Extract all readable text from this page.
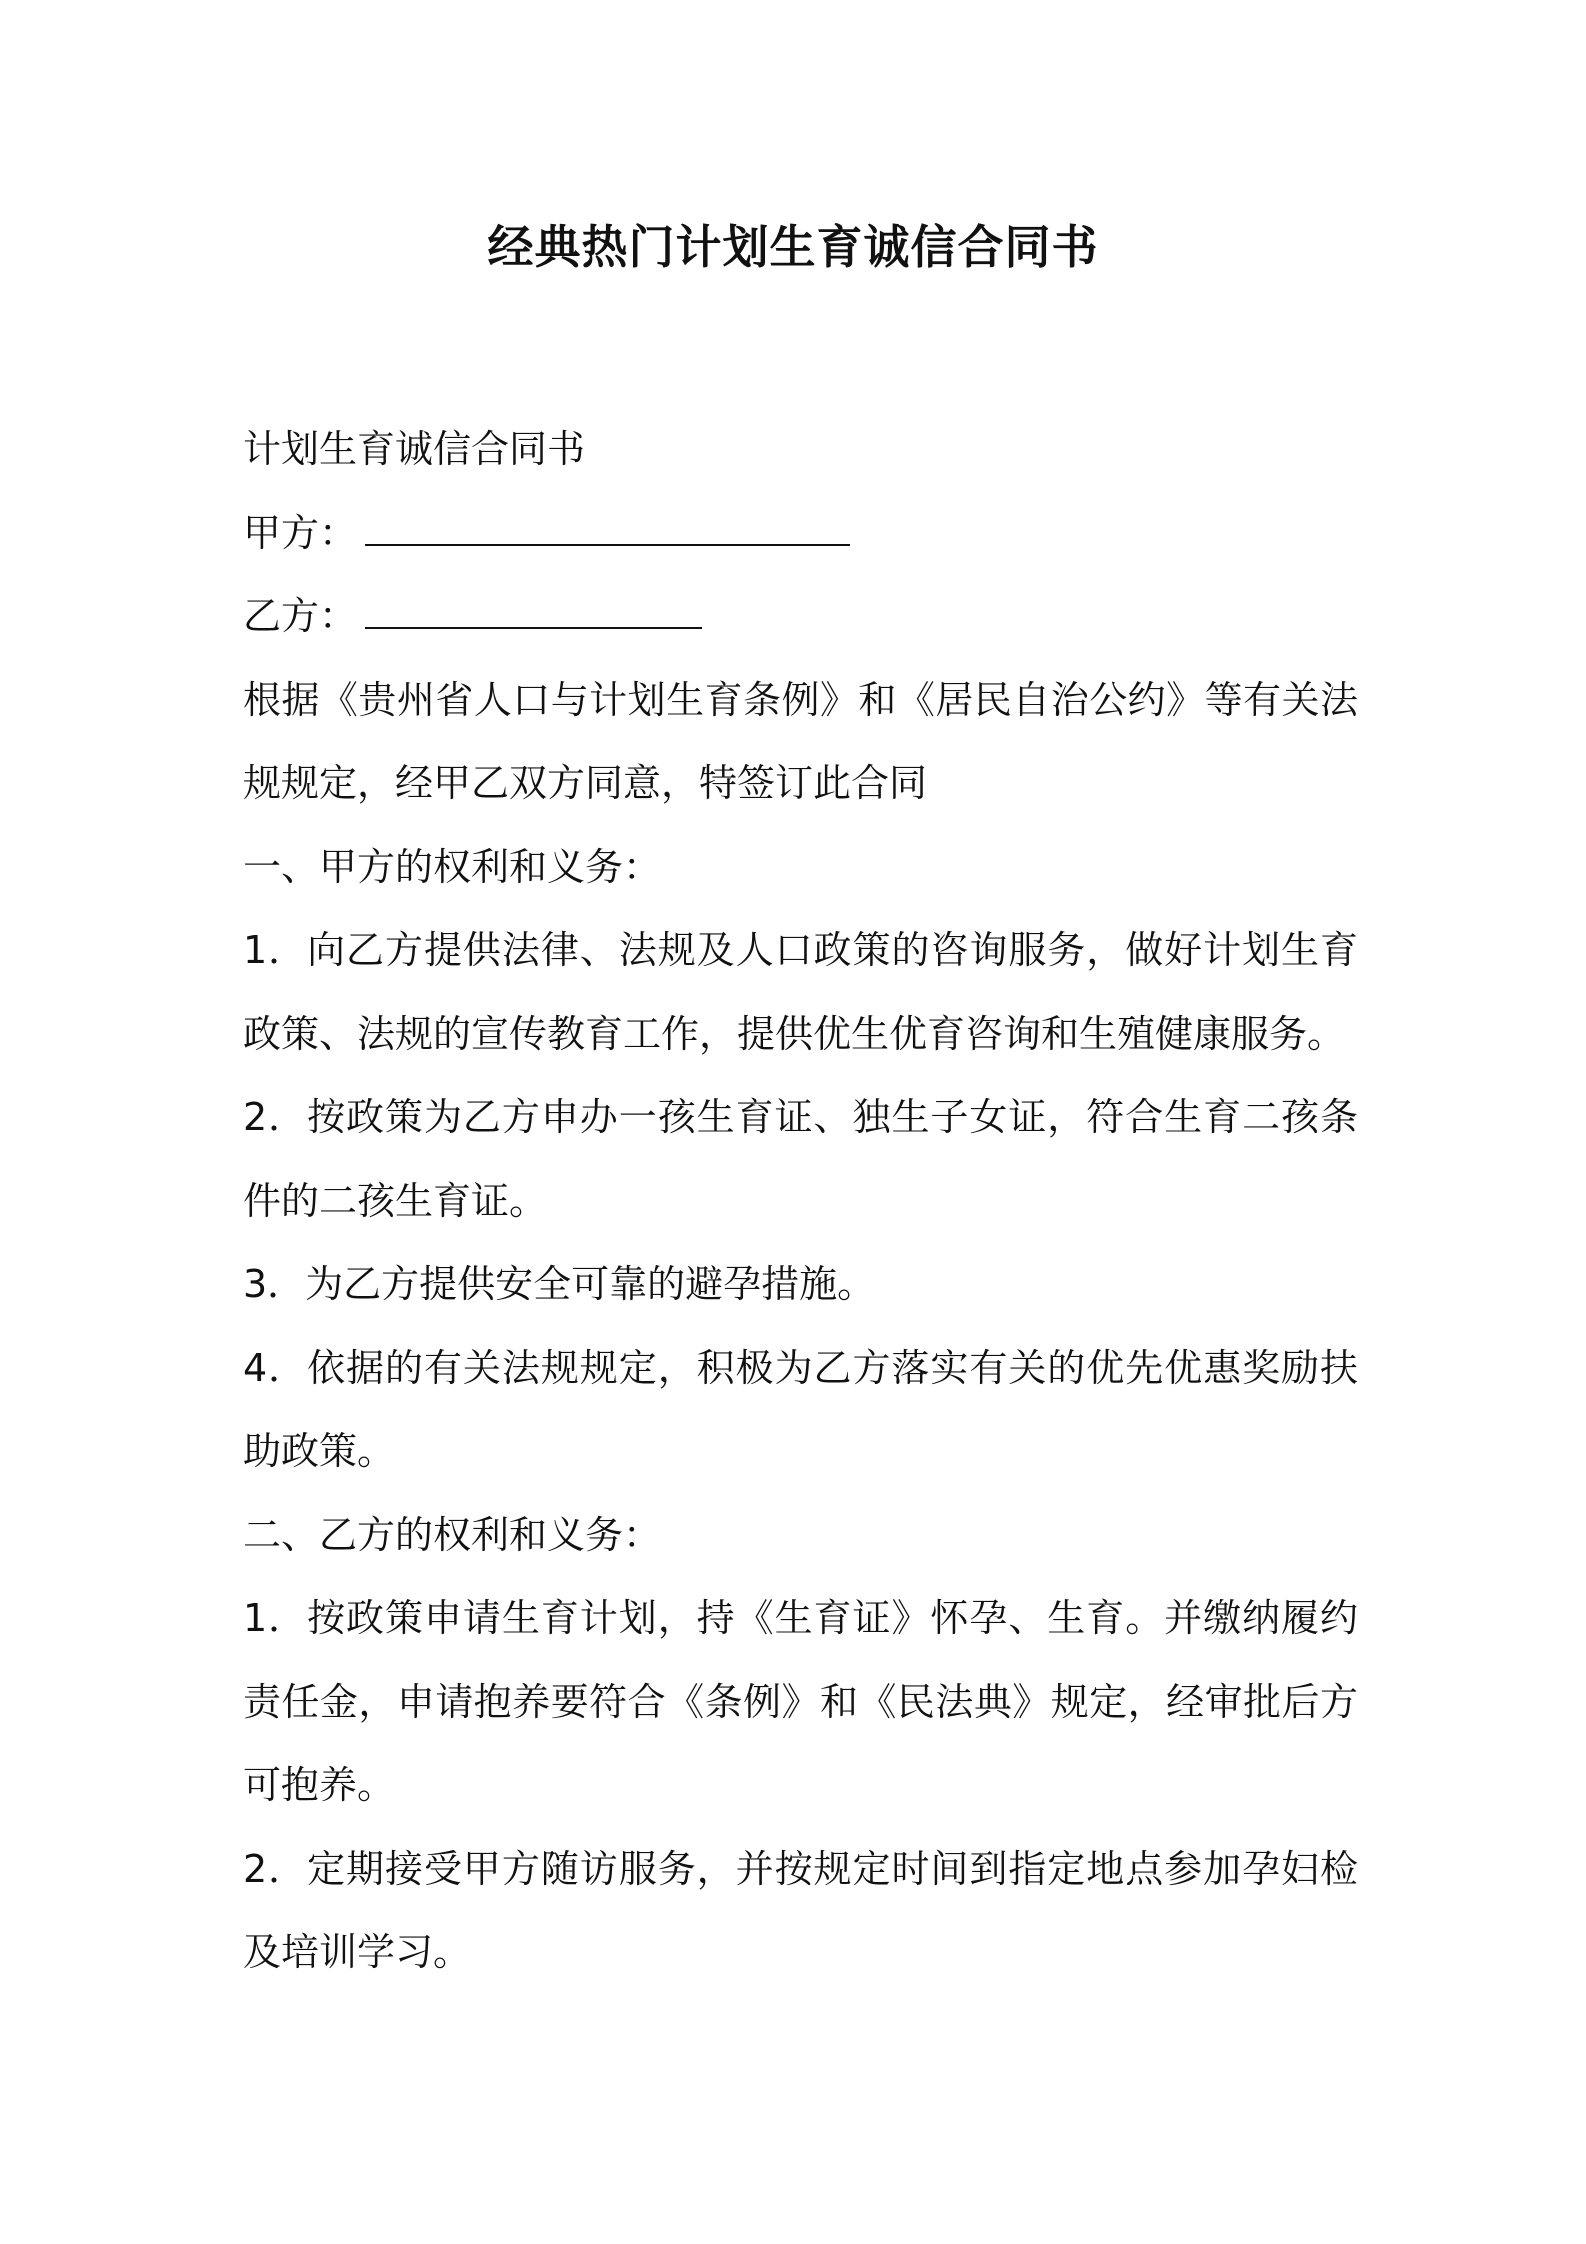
经典热门计划生育诚信合同书

计划生育诚信合同书

甲方：

乙方：

根据《贵州省人口与计划生育条例》和《居民自治公约》等有关法规规定，经甲乙双方同意，特签订此合同

一、甲方的权利和义务：

1．向乙方提供法律、法规及人口政策的咨询服务，做好计划生育政策、法规的宣传教育工作，提供优生优育咨询和生殖健康服务。

2．按政策为乙方申办一孩生育证、独生子女证，符合生育二孩条件的二孩生育证。

3．为乙方提供安全可靠的避孕措施。

4．依据的有关法规规定，积极为乙方落实有关的优先优惠奖励扶助政策。

二、乙方的权利和义务：

1．按政策申请生育计划，持《生育证》怀孕、生育。并缴纳履约责任金，申请抱养要符合《条例》和《民法典》规定，经审批后方可抱养。

2．定期接受甲方随访服务，并按规定时间到指定地点参加孕妇检及培训学习。
